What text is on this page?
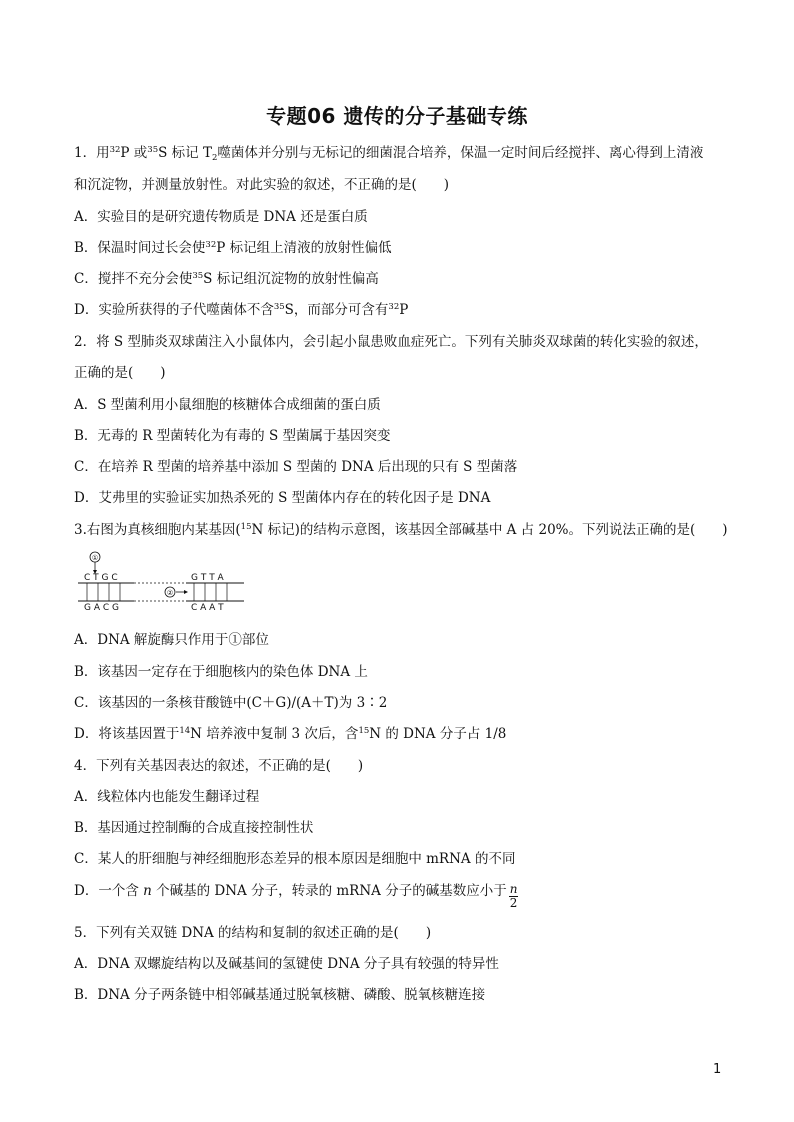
专题06 遗传的分子基础专练
1．用$^{32}$P 或$^{35}$S 标记 $T_2$噬菌体并分别与无标记的细菌混合培养，保温一定时间后经搅拌、离心得到上清液
和沉淀物，并测量放射性。对此实验的叙述，不正确的是(　　)
A．实验目的是研究遗传物质是 DNA 还是蛋白质
B．保温时间过长会使$^{32}$P 标记组上清液的放射性偏低
C．搅拌不充分会使$^{35}$S 标记组沉淀物的放射性偏高
D．实验所获得的子代噬菌体不含$^{35}$S，而部分可含有$^{32}$P
2．将 S 型肺炎双球菌注入小鼠体内，会引起小鼠患败血症死亡。下列有关肺炎双球菌的转化实验的叙述，
正确的是(　　)
A．S 型菌利用小鼠细胞的核糖体合成细菌的蛋白质
B．无毒的 R 型菌转化为有毒的 S 型菌属于基因突变
C．在培养 R 型菌的培养基中添加 S 型菌的 DNA 后出现的只有 S 型菌落
D．艾弗里的实验证实加热杀死的 S 型菌体内存在的转化因子是 DNA
3.右图为真核细胞内某基因($^{15}$N 标记)的结构示意图，该基因全部碱基中 A 占 20%。下列说法正确的是(　　)
①
C T G C	G T T A
②
G A C G	C A A T
A．DNA 解旋酶只作用于①部位
B．该基因一定存在于细胞核内的染色体 DNA 上
C．该基因的一条核苷酸链中(C＋G)/(A＋T)为 3∶2
D．将该基因置于$^{14}$N 培养液中复制 3 次后，含$^{15}$N 的 DNA 分子占 1/8
4．下列有关基因表达的叙述，不正确的是(　　)
A．线粒体内也能发生翻译过程
B．基因通过控制酶的合成直接控制性状
C．某人的肝细胞与神经细胞形态差异的根本原因是细胞中 mRNA 的不同
D．一个含 n 个碱基的 DNA 分子，转录的 mRNA 分子的碱基数应小于 $\frac{n}{2}$
5．下列有关双链 DNA 的结构和复制的叙述正确的是(　　)
A．DNA 双螺旋结构以及碱基间的氢键使 DNA 分子具有较强的特异性
B．DNA 分子两条链中相邻碱基通过脱氧核糖、磷酸、脱氧核糖连接
1
